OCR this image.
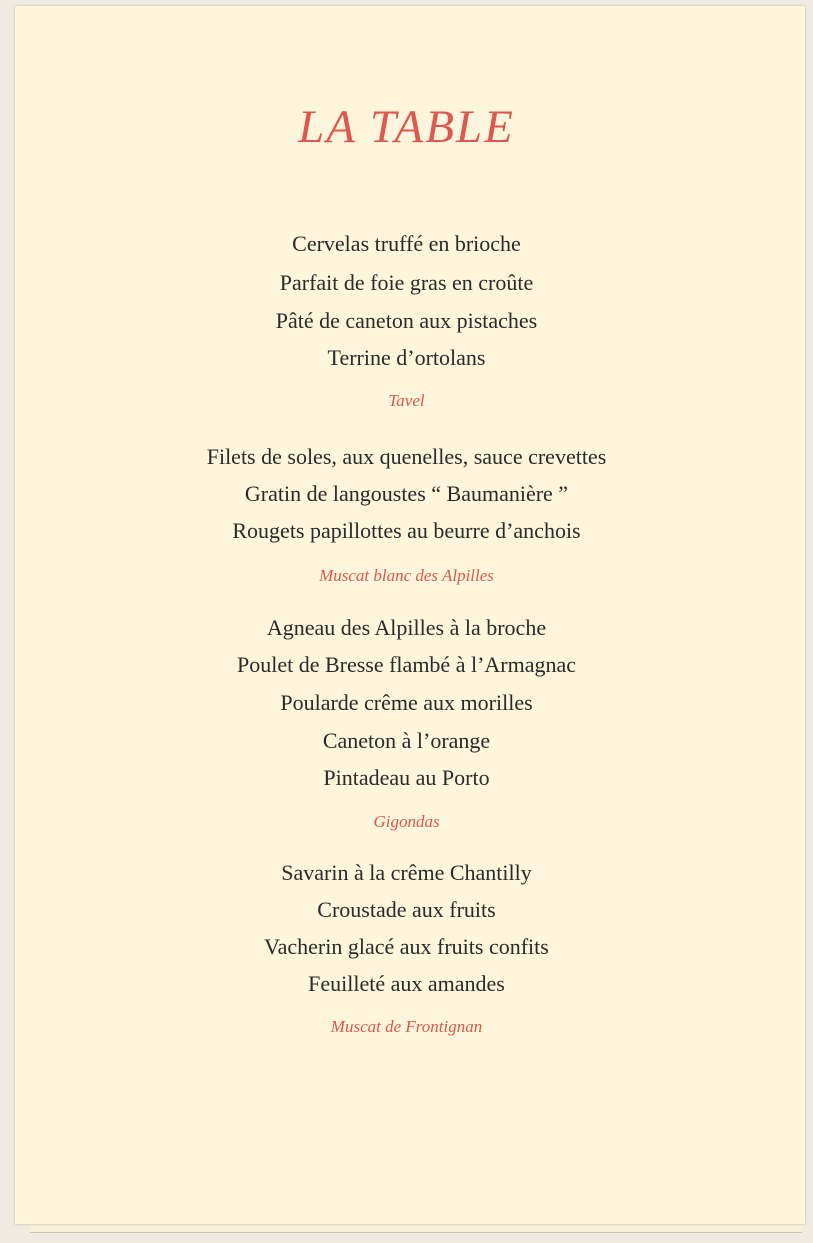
LA TABLE
Cervelas truffé en brioche
Parfait de foie gras en croûte
Pâté de caneton aux pistaches
Terrine d’ortolans
Tavel
Filets de soles, aux quenelles, sauce crevettes
Gratin de langoustes “ Baumanière ”
Rougets papillottes au beurre d’anchois
Muscat blanc des Alpilles
Agneau des Alpilles à la broche
Poulet de Bresse flambé à l’Armagnac
Poularde crême aux morilles
Caneton à l’orange
Pintadeau au Porto
Gigondas
Savarin à la crême Chantilly
Croustade aux fruits
Vacherin glacé aux fruits confits
Feuilleté aux amandes
Muscat de Frontignan
